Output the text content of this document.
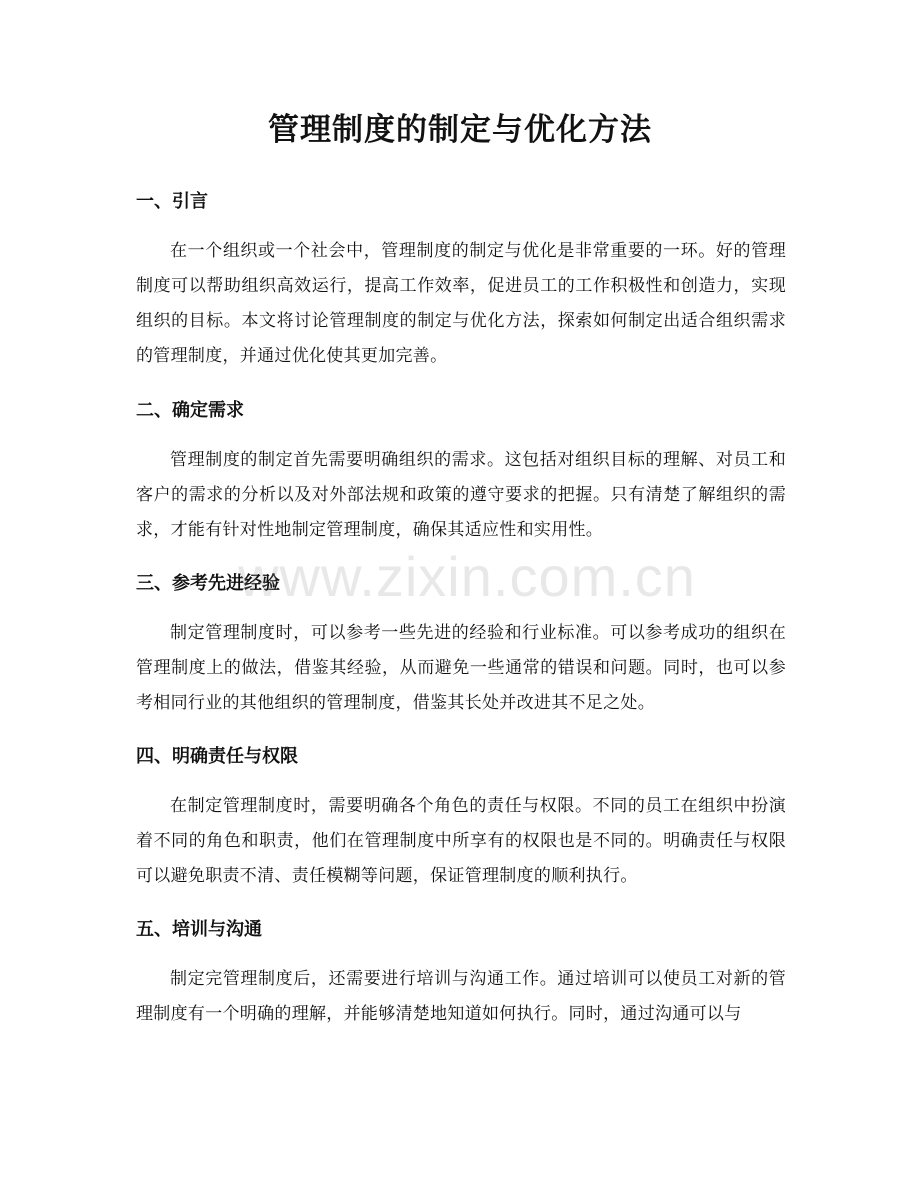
管理制度的制定与优化方法
一、引言

在一个组织或一个社会中，管理制度的制定与优化是非常重要的一环。好的管理制度可以帮助组织高效运行，提高工作效率，促进员工的工作积极性和创造力，实现组织的目标。本文将讨论管理制度的制定与优化方法，探索如何制定出适合组织需求的管理制度，并通过优化使其更加完善。

二、确定需求

管理制度的制定首先需要明确组织的需求。这包括对组织目标的理解、对员工和客户的需求的分析以及对外部法规和政策的遵守要求的把握。只有清楚了解组织的需求，才能有针对性地制定管理制度，确保其适应性和实用性。

三、参考先进经验

制定管理制度时，可以参考一些先进的经验和行业标准。可以参考成功的组织在管理制度上的做法，借鉴其经验，从而避免一些通常的错误和问题。同时，也可以参考相同行业的其他组织的管理制度，借鉴其长处并改进其不足之处。

四、明确责任与权限

在制定管理制度时，需要明确各个角色的责任与权限。不同的员工在组织中扮演着不同的角色和职责，他们在管理制度中所享有的权限也是不同的。明确责任与权限可以避免职责不清、责任模糊等问题，保证管理制度的顺利执行。

五、培训与沟通

制定完管理制度后，还需要进行培训与沟通工作。通过培训可以使员工对新的管理制度有一个明确的理解，并能够清楚地知道如何执行。同时，通过沟通可以与

www.zixin.com.cn
